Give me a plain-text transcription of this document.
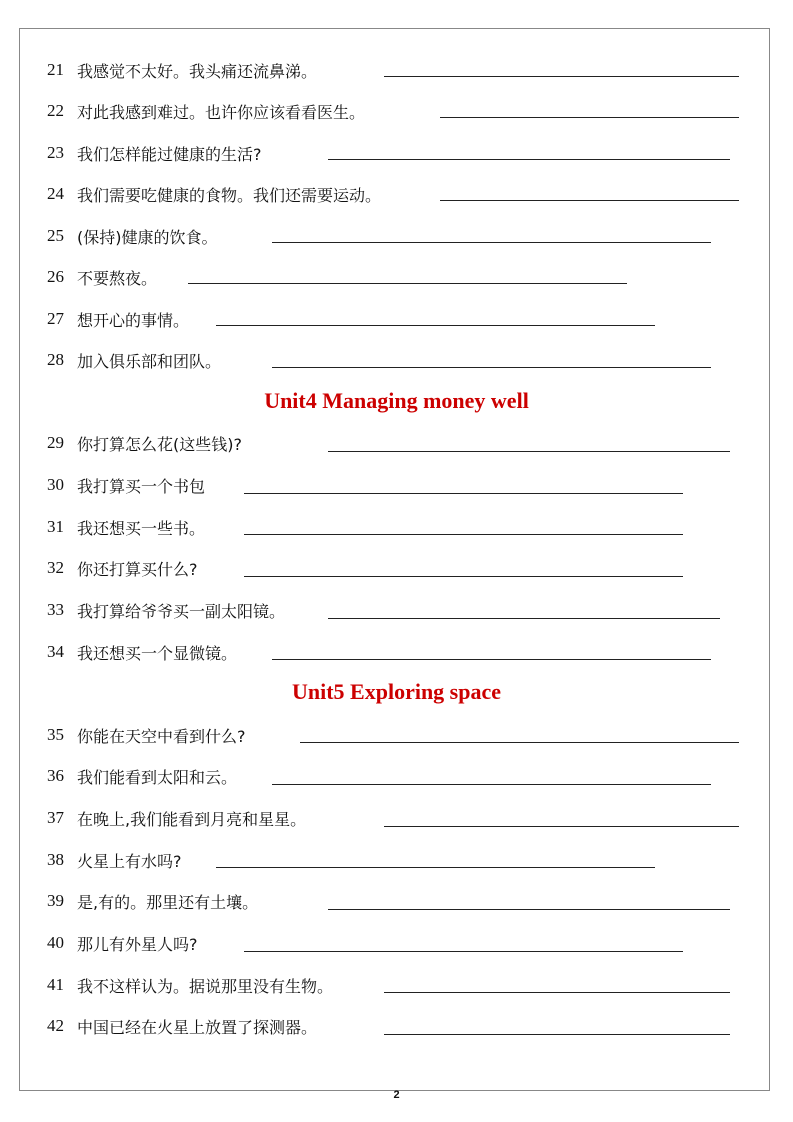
21 我感觉不太好。我头痛还流鼻涕。
22 对此我感到难过。也许你应该看看医生。
23 我们怎样能过健康的生活?
24 我们需要吃健康的食物。我们还需要运动。
25 (保持)健康的饮食。
26 不要熬夜。
27 想开心的事情。
28 加入俱乐部和团队。
Unit4 Managing money well
29 你打算怎么花(这些钱)?
30 我打算买一个书包
31 我还想买一些书。
32 你还打算买什么?
33 我打算给爷爷买一副太阳镜。
34 我还想买一个显微镜。
Unit5 Exploring space
35 你能在天空中看到什么?
36 我们能看到太阳和云。
37 在晚上,我们能看到月亮和星星。
38 火星上有水吗?
39 是,有的。那里还有土壤。
40 那儿有外星人吗?
41 我不这样认为。据说那里没有生物。
42 中国已经在火星上放置了探测器。
2
